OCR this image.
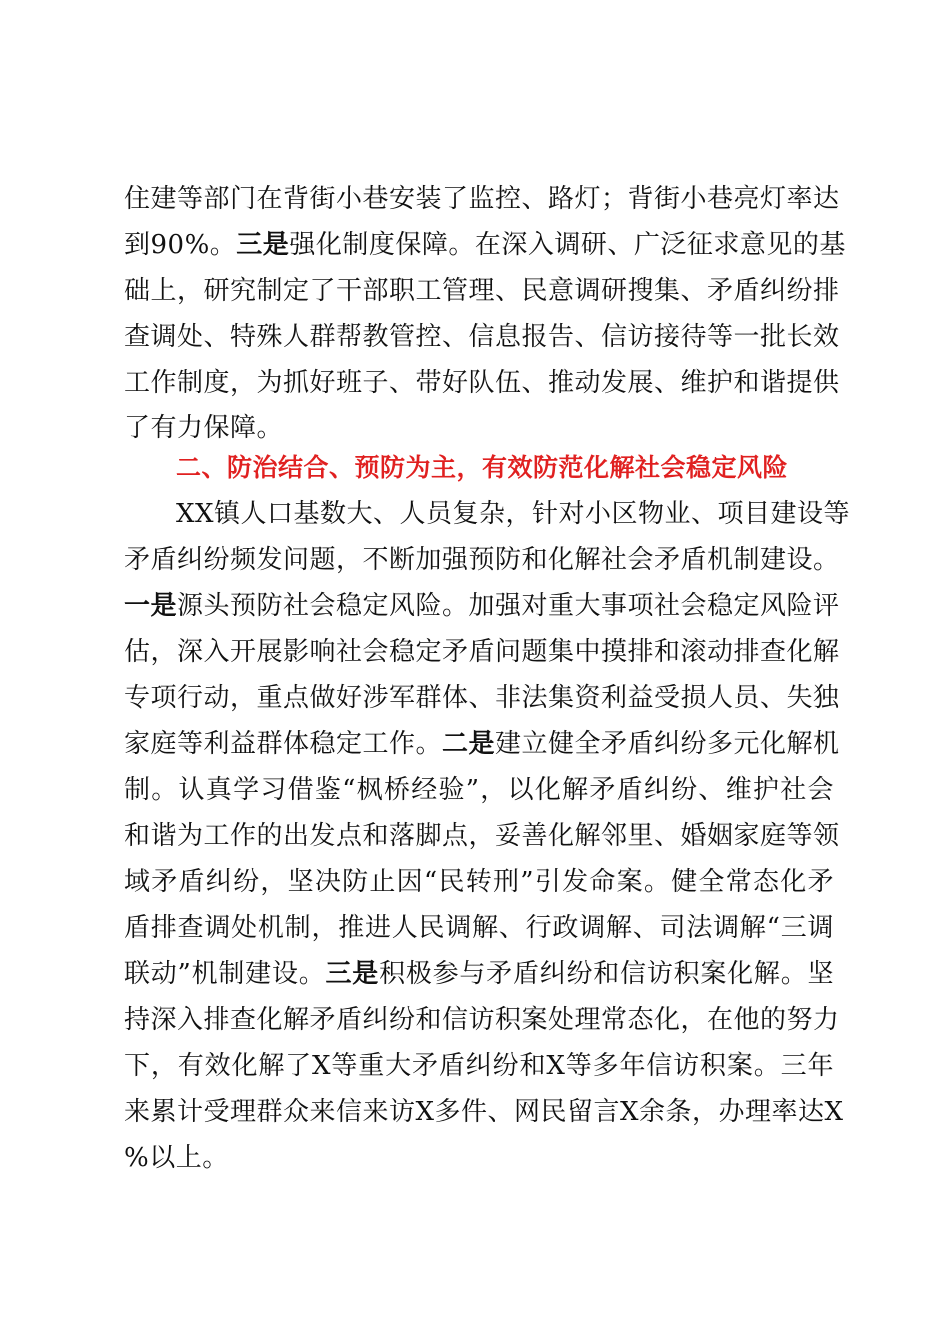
住建等部门在背街小巷安装了监控、路灯；背街小巷亮灯率达
到90%。三是强化制度保障。在深入调研、广泛征求意见的基
础上，研究制定了干部职工管理、民意调研搜集、矛盾纠纷排
查调处、特殊人群帮教管控、信息报告、信访接待等一批长效
工作制度，为抓好班子、带好队伍、推动发展、维护和谐提供
了有力保障。
二、防治结合、预防为主，有效防范化解社会稳定风险
XX镇人口基数大、人员复杂，针对小区物业、项目建设等
矛盾纠纷频发问题，不断加强预防和化解社会矛盾机制建设。
一是源头预防社会稳定风险。加强对重大事项社会稳定风险评
估，深入开展影响社会稳定矛盾问题集中摸排和滚动排查化解
专项行动，重点做好涉军群体、非法集资利益受损人员、失独
家庭等利益群体稳定工作。二是建立健全矛盾纠纷多元化解机
制。认真学习借鉴“枫桥经验”，以化解矛盾纠纷、维护社会
和谐为工作的出发点和落脚点，妥善化解邻里、婚姻家庭等领
域矛盾纠纷，坚决防止因“民转刑”引发命案。健全常态化矛
盾排查调处机制，推进人民调解、行政调解、司法调解“三调
联动”机制建设。三是积极参与矛盾纠纷和信访积案化解。坚
持深入排查化解矛盾纠纷和信访积案处理常态化，在他的努力
下，有效化解了X等重大矛盾纠纷和X等多年信访积案。三年
来累计受理群众来信来访X多件、网民留言X余条，办理率达X
%以上。
